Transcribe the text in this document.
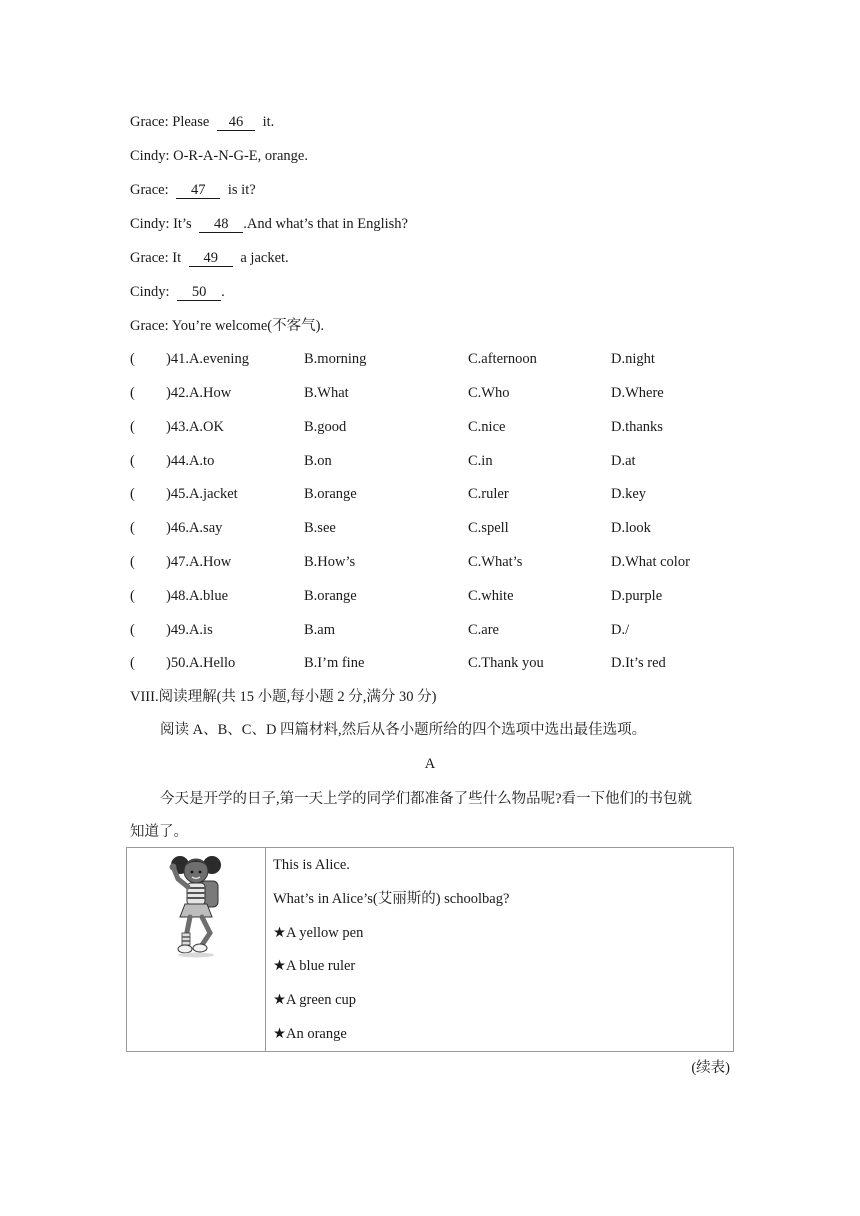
Grace: Please 46 it.
Cindy: O-R-A-N-G-E, orange.
Grace: 47 is it?
Cindy: It’s 48 .And what’s that in English?
Grace: It 49 a jacket.
Cindy: 50 .
Grace: You’re welcome(不客气).
( )41.A.evening	B.morning	C.afternoon	D.night
( )42.A.How	B.What	C.Who	D.Where
( )43.A.OK	B.good	C.nice	D.thanks
( )44.A.to	B.on	C.in	D.at
( )45.A.jacket	B.orange	C.ruler	D.key
( )46.A.say	B.see	C.spell	D.look
( )47.A.How	B.How’s	C.What’s	D.What color
( )48.A.blue	B.orange	C.white	D.purple
( )49.A.is	B.am	C.are	D./
( )50.A.Hello	B.I’m fine	C.Thank you	D.It’s red
VIII.阅读理解(共 15 小题,每小题 2 分,满分 30 分)
阅读 A、B、C、D 四篇材料,然后从各小题所给的四个选项中选出最佳选项。
A
今天是开学的日子,第一天上学的同学们都准备了些什么物品呢?看一下他们的书包就
知道了。

This is Alice.
What’s in Alice’s(艾丽斯的) schoolbag?
★A yellow pen
★A blue ruler
★A green cup
★An orange
(续表)
